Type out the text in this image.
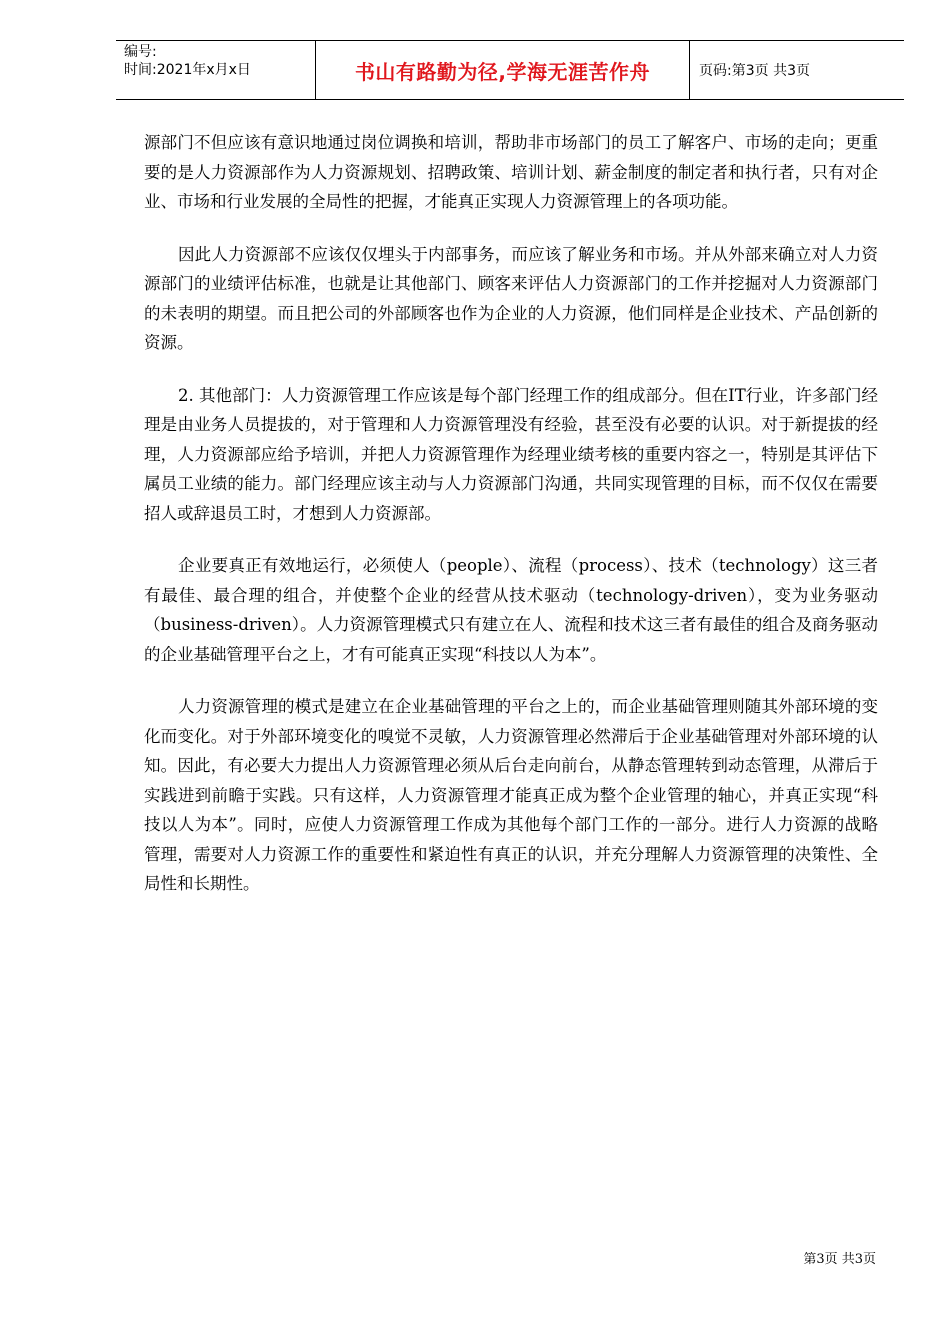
编号:
时间:2021年x月x日	书山有路勤为径,学海无涯苦作舟	页码:第3页 共3页

源部门不但应该有意识地通过岗位调换和培训，帮助非市场部门的员工了解客户、市场的走向；更重要的是人力资源部作为人力资源规划、招聘政策、培训计划、薪金制度的制定者和执行者，只有对企业、市场和行业发展的全局性的把握，才能真正实现人力资源管理上的各项功能。

因此人力资源部不应该仅仅埋头于内部事务，而应该了解业务和市场。并从外部来确立对人力资源部门的业绩评估标准，也就是让其他部门、顾客来评估人力资源部门的工作并挖掘对人力资源部门的未表明的期望。而且把公司的外部顾客也作为企业的人力资源，他们同样是企业技术、产品创新的资源。

2. 其他部门：人力资源管理工作应该是每个部门经理工作的组成部分。但在IT行业，许多部门经理是由业务人员提拔的，对于管理和人力资源管理没有经验，甚至没有必要的认识。对于新提拔的经理，人力资源部应给予培训，并把人力资源管理作为经理业绩考核的重要内容之一，特别是其评估下属员工业绩的能力。部门经理应该主动与人力资源部门沟通，共同实现管理的目标，而不仅仅在需要招人或辞退员工时，才想到人力资源部。

企业要真正有效地运行，必须使人（people）、流程（process）、技术（technology）这三者有最佳、最合理的组合，并使整个企业的经营从技术驱动（technology-driven），变为业务驱动（business-driven）。人力资源管理模式只有建立在人、流程和技术这三者有最佳的组合及商务驱动的企业基础管理平台之上，才有可能真正实现“科技以人为本”。

人力资源管理的模式是建立在企业基础管理的平台之上的，而企业基础管理则随其外部环境的变化而变化。对于外部环境变化的嗅觉不灵敏，人力资源管理必然滞后于企业基础管理对外部环境的认知。因此，有必要大力提出人力资源管理必须从后台走向前台，从静态管理转到动态管理，从滞后于实践进到前瞻于实践。只有这样，人力资源管理才能真正成为整个企业管理的轴心，并真正实现“科技以人为本”。同时，应使人力资源管理工作成为其他每个部门工作的一部分。进行人力资源的战略管理，需要对人力资源工作的重要性和紧迫性有真正的认识，并充分理解人力资源管理的决策性、全局性和长期性。

第3页 共3页
